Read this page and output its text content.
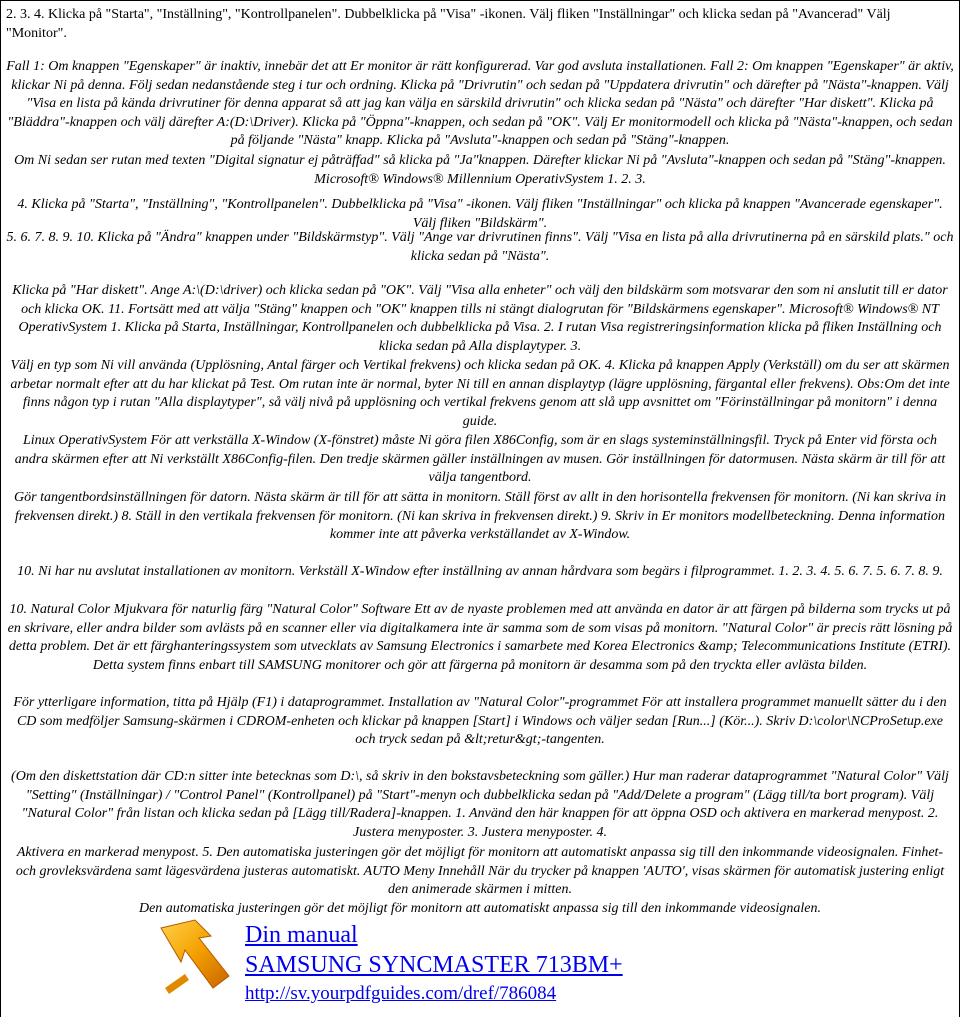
2. 3. 4. Klicka på "Starta", "Inställning", "Kontrollpanelen". Dubbelklicka på "Visa" -ikonen. Välj fliken "Inställningar" och klicka sedan på "Avancerad" Välj "Monitor".

Fall 1: Om knappen "Egenskaper" är inaktiv, innebär det att Er monitor är rätt konfigurerad. Var god avsluta installationen. Fall 2: Om knappen "Egenskaper" är aktiv, klickar Ni på denna. Följ sedan nedanstående steg i tur och ordning. Klicka på "Drivrutin" och sedan på "Uppdatera drivrutin" och därefter på "Nästa"-knappen. Välj "Visa en lista på kända drivrutiner för denna apparat så att jag kan välja en särskild drivrutin" och klicka sedan på "Nästa" och därefter "Har diskett". Klicka på "Bläddra"-knappen och välj därefter A:(D:\Driver). Klicka på "Öppna"-knappen, och sedan på "OK". Välj Er monitormodell och klicka på "Nästa"-knappen, och sedan på följande "Nästa" knapp. Klicka på "Avsluta"-knappen och sedan på "Stäng"-knappen.

Om Ni sedan ser rutan med texten "Digital signatur ej påträffad" så klicka på "Ja"knappen. Därefter klickar Ni på "Avsluta"-knappen och sedan på "Stäng"-knappen. Microsoft® Windows® Millennium OperativSystem 1. 2. 3.

4. Klicka på "Starta", "Inställning", "Kontrollpanelen". Dubbelklicka på "Visa" -ikonen. Välj fliken "Inställningar" och klicka på knappen "Avancerade egenskaper". Välj fliken "Bildskärm".

5. 6. 7. 8. 9. 10. Klicka på "Ändra" knappen under "Bildskärmstyp". Välj "Ange var drivrutinen finns". Välj "Visa en lista på alla drivrutinerna på en särskild plats." och klicka sedan på "Nästa".

Klicka på "Har diskett". Ange A:\(D:\driver) och klicka sedan på "OK". Välj "Visa alla enheter" och välj den bildskärm som motsvarar den som ni anslutit till er dator och klicka OK. 11. Fortsätt med att välja "Stäng" knappen och "OK" knappen tills ni stängt dialogrutan för "Bildskärmens egenskaper". Microsoft® Windows® NT OperativSystem 1. Klicka på Starta, Inställningar, Kontrollpanelen och dubbelklicka på Visa. 2. I rutan Visa registreringsinformation klicka på fliken Inställning och klicka sedan på Alla displaytyper. 3.

Välj en typ som Ni vill använda (Upplösning, Antal färger och Vertikal frekvens) och klicka sedan på OK. 4. Klicka på knappen Apply (Verkställ) om du ser att skärmen arbetar normalt efter att du har klickat på Test. Om rutan inte är normal, byter Ni till en annan displaytyp (lägre upplösning, färgantal eller frekvens). Obs:Om det inte finns någon typ i rutan "Alla displaytyper", så välj nivå på upplösning och vertikal frekvens genom att slå upp avsnittet om "Förinställningar på monitorn" i denna guide.

Linux OperativSystem För att verkställa X-Window (X-fönstret) måste Ni göra filen X86Config, som är en slags systeminställningsfil. Tryck på Enter vid första och andra skärmen efter att Ni verkställt X86Config-filen. Den tredje skärmen gäller inställningen av musen. Gör inställningen för datormusen. Nästa skärm är till för att välja tangentbord.

Gör tangentbordsinställningen för datorn. Nästa skärm är till för att sätta in monitorn. Ställ först av allt in den horisontella frekvensen för monitorn. (Ni kan skriva in frekvensen direkt.) 8. Ställ in den vertikala frekvensen för monitorn. (Ni kan skriva in frekvensen direkt.) 9. Skriv in Er monitors modellbeteckning. Denna information kommer inte att påverka verkställandet av X-Window.

10. Ni har nu avslutat installationen av monitorn. Verkställ X-Window efter inställning av annan hårdvara som begärs i filprogrammet. 1. 2. 3. 4. 5. 6. 7. 5. 6. 7. 8. 9.

10. Natural Color Mjukvara för naturlig färg "Natural Color" Software Ett av de nyaste problemen med att använda en dator är att färgen på bilderna som trycks ut på en skrivare, eller andra bilder som avlästs på en scanner eller via digitalkamera inte är samma som de som visas på monitorn. "Natural Color" är precis rätt lösning på detta problem. Det är ett färghanteringssystem som utvecklats av Samsung Electronics i samarbete med Korea Electronics &amp; Telecommunications Institute (ETRI). Detta system finns enbart till SAMSUNG monitorer och gör att färgerna på monitorn är desamma som på den tryckta eller avlästa bilden.

För ytterligare information, titta på Hjälp (F1) i dataprogrammet. Installation av "Natural Color"-programmet För att installera programmet manuellt sätter du i den CD som medföljer Samsung-skärmen i CDROM-enheten och klickar på knappen [Start] i Windows och väljer sedan [Run...] (Kör...). Skriv D:\color\NCProSetup.exe och tryck sedan på &lt;retur&gt;-tangenten.

(Om den diskettstation där CD:n sitter inte betecknas som D:\, så skriv in den bokstavsbeteckning som gäller.) Hur man raderar dataprogrammet "Natural Color" Välj "Setting" (Inställningar) / "Control Panel" (Kontrollpanel) på "Start"-menyn och dubbelklicka sedan på "Add/Delete a program" (Lägg till/ta bort program). Välj "Natural Color" från listan och klicka sedan på [Lägg till/Radera]-knappen. 1. Använd den här knappen för att öppna OSD och aktivera en markerad menypost. 2. Justera menyposter. 3. Justera menyposter. 4.

Aktivera en markerad menypost. 5. Den automatiska justeringen gör det möjligt för monitorn att automatiskt anpassa sig till den inkommande videosignalen. Finhet- och grovleksvärdena samt lägesvärdena justeras automatiskt. AUTO Meny Innehåll När du trycker på knappen 'AUTO', visas skärmen för automatisk justering enligt den animerade skärmen i mitten.

Den automatiska justeringen gör det möjligt för monitorn att automatiskt anpassa sig till den inkommande videosignalen.

Din manual
SAMSUNG SYNCMASTER 713BM+
http://sv.yourpdfguides.com/dref/786084
